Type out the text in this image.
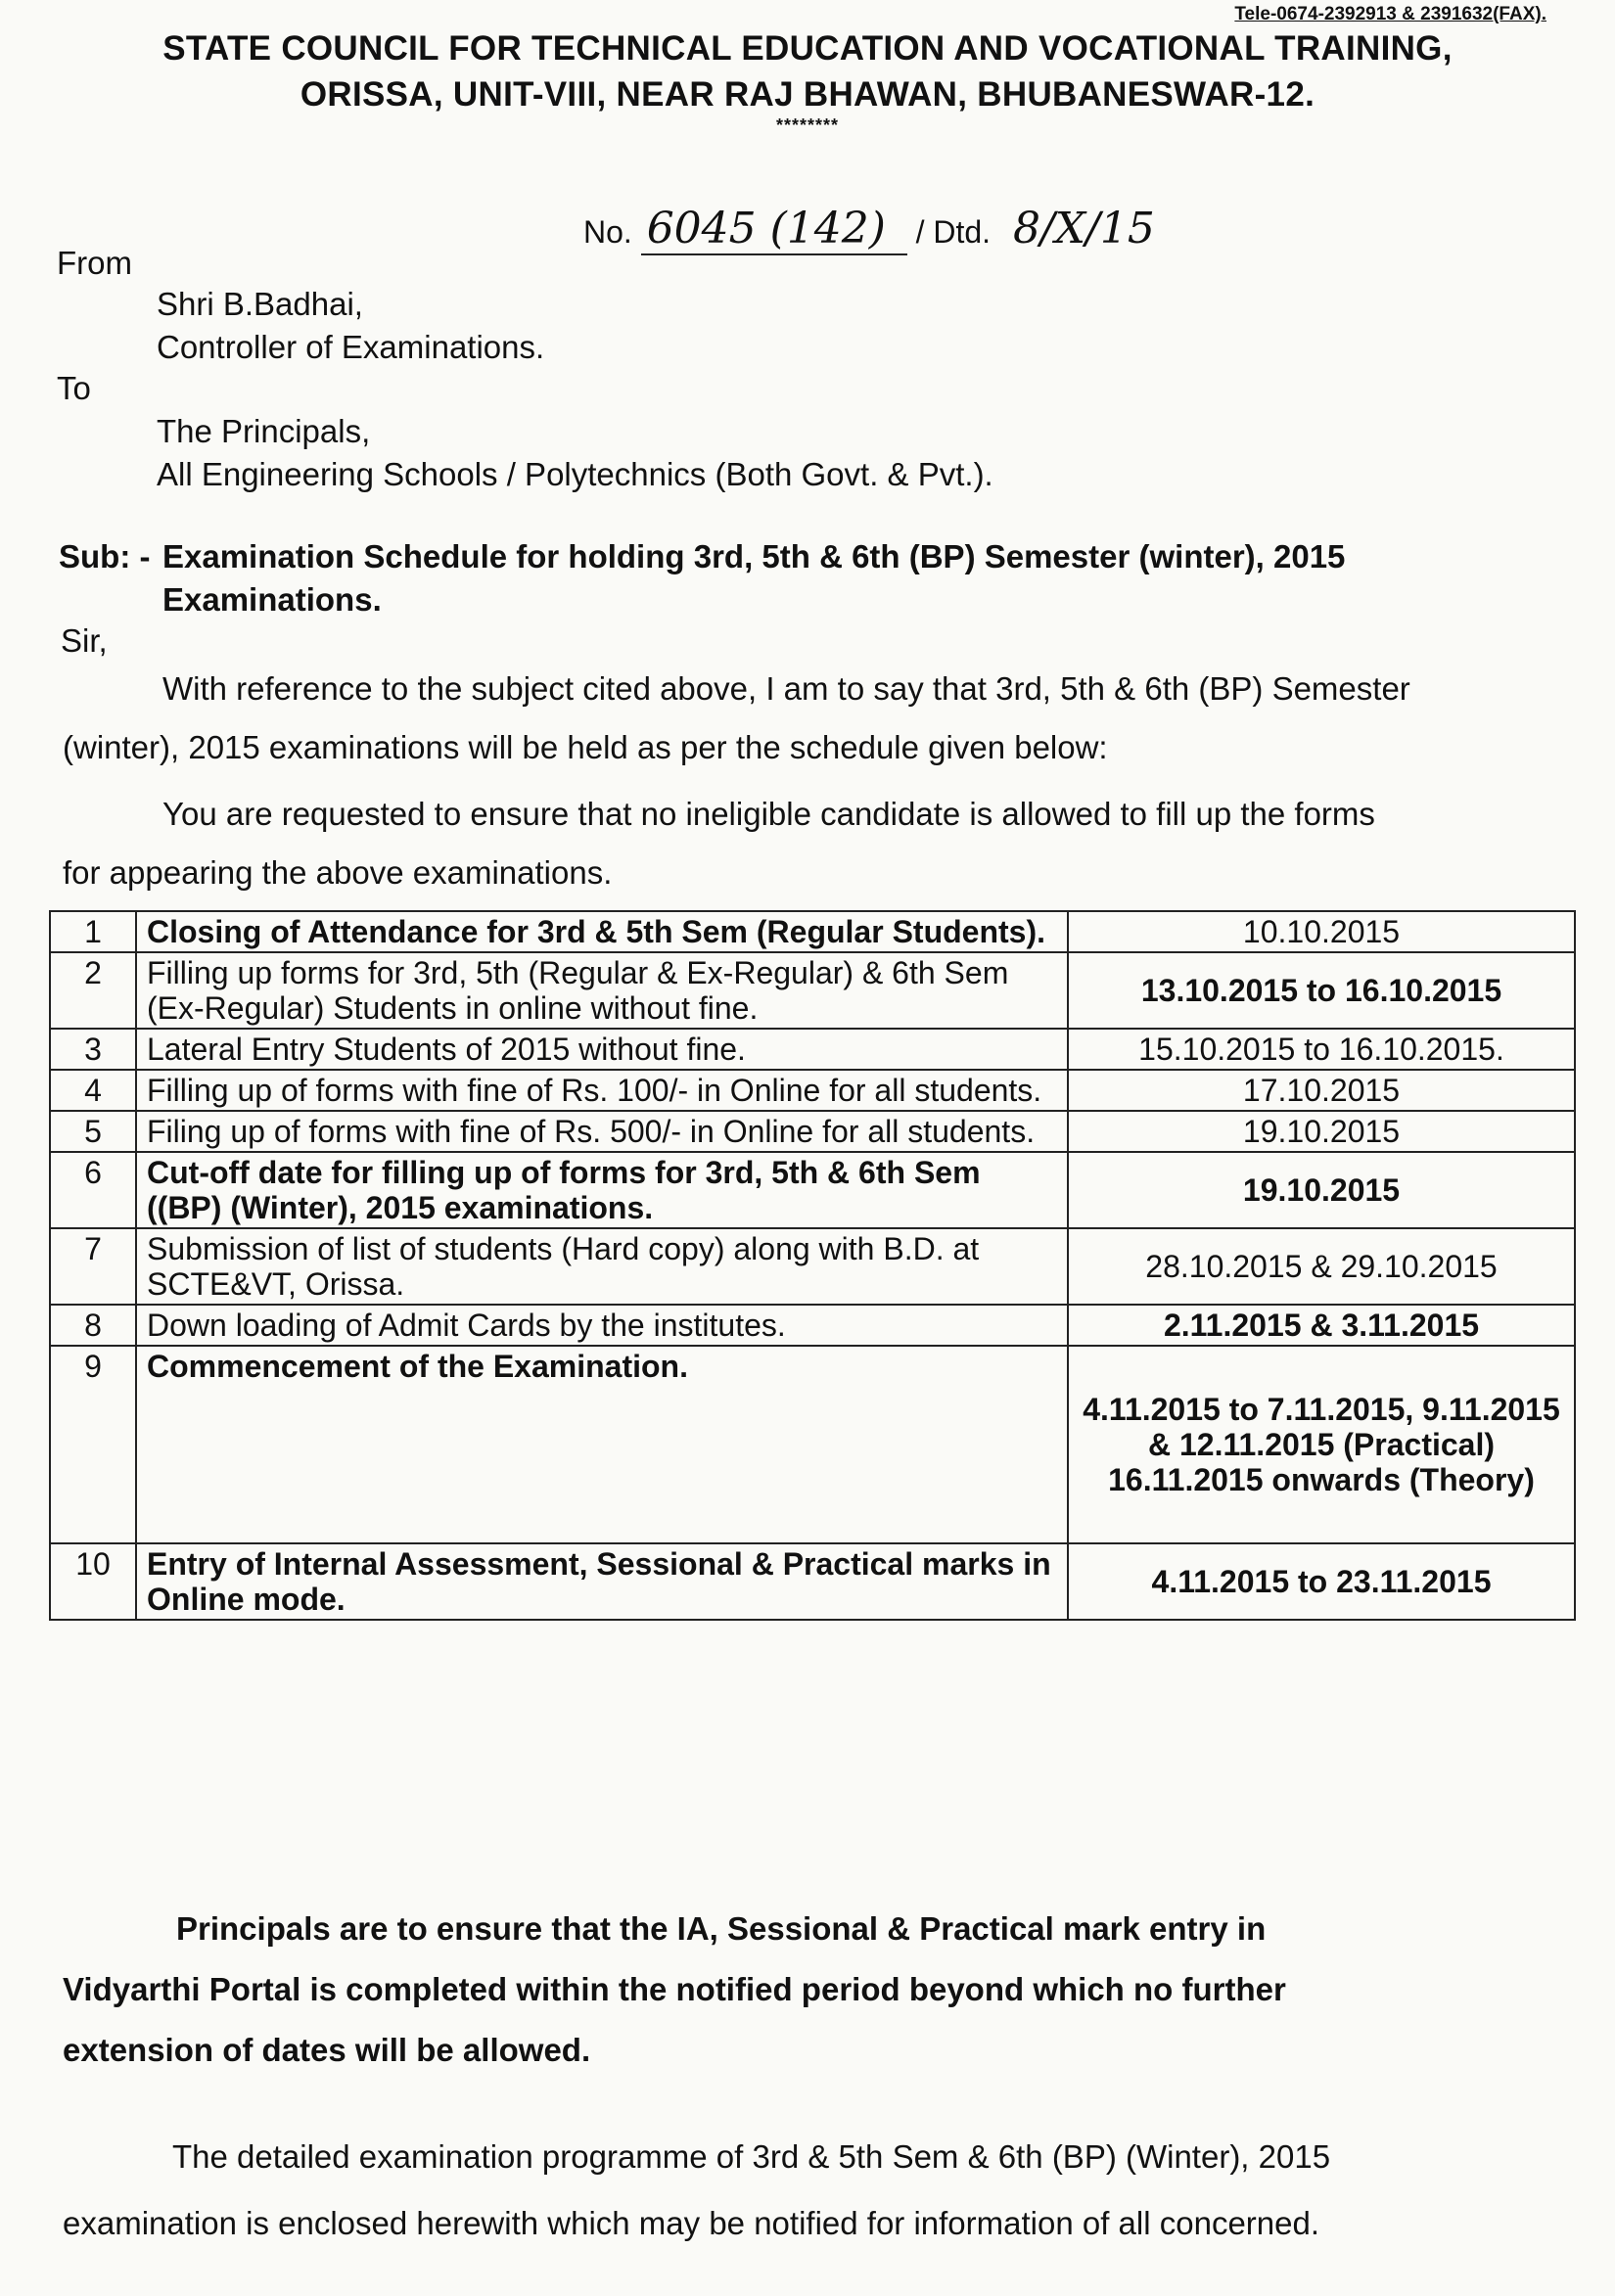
Tele-0674-2392913 & 2391632(FAX).
STATE COUNCIL FOR TECHNICAL EDUCATION AND VOCATIONAL TRAINING,
ORISSA, UNIT-VIII, NEAR RAJ BHAWAN, BHUBANESWAR-12.
********
No. 6045 (142) / Dtd. 8/X/15
From
Shri B.Badhai,
Controller of Examinations.
To
The Principals,
All Engineering Schools / Polytechnics (Both Govt. & Pvt.).
Sub: - Examination Schedule for holding 3rd, 5th & 6th (BP) Semester (winter), 2015
Examinations.
Sir,
With reference to the subject cited above, I am to say that 3rd, 5th & 6th (BP) Semester
(winter), 2015 examinations will be held as per the schedule given below:
You are requested to ensure that no ineligible candidate is allowed to fill up the forms
for appearing the above examinations.
1	Closing of Attendance for 3rd & 5th Sem (Regular Students).	10.10.2015
2	Filling up forms for 3rd, 5th (Regular & Ex-Regular) & 6th Sem (Ex-Regular) Students in online without fine.	13.10.2015 to 16.10.2015
3	Lateral Entry Students of 2015 without fine.	15.10.2015 to 16.10.2015.
4	Filling up of forms with fine of Rs. 100/- in Online for all students.	17.10.2015
5	Filing up of forms with fine of Rs. 500/- in Online for all students.	19.10.2015
6	Cut-off date for filling up of forms for 3rd, 5th & 6th Sem ((BP) (Winter), 2015 examinations.	19.10.2015
7	Submission of list of students (Hard copy) along with B.D. at SCTE&VT, Orissa.	28.10.2015 & 29.10.2015
8	Down loading of Admit Cards by the institutes.	2.11.2015 & 3.11.2015
9	Commencement of the Examination.	4.11.2015 to 7.11.2015, 9.11.2015 & 12.11.2015 (Practical) 16.11.2015 onwards (Theory)
10	Entry of Internal Assessment, Sessional & Practical marks in Online mode.	4.11.2015 to 23.11.2015
Principals are to ensure that the IA, Sessional & Practical mark entry in
Vidyarthi Portal is completed within the notified period beyond which no further
extension of dates will be allowed.
The detailed examination programme of 3rd & 5th Sem & 6th (BP) (Winter), 2015
examination is enclosed herewith which may be notified for information of all concerned.
